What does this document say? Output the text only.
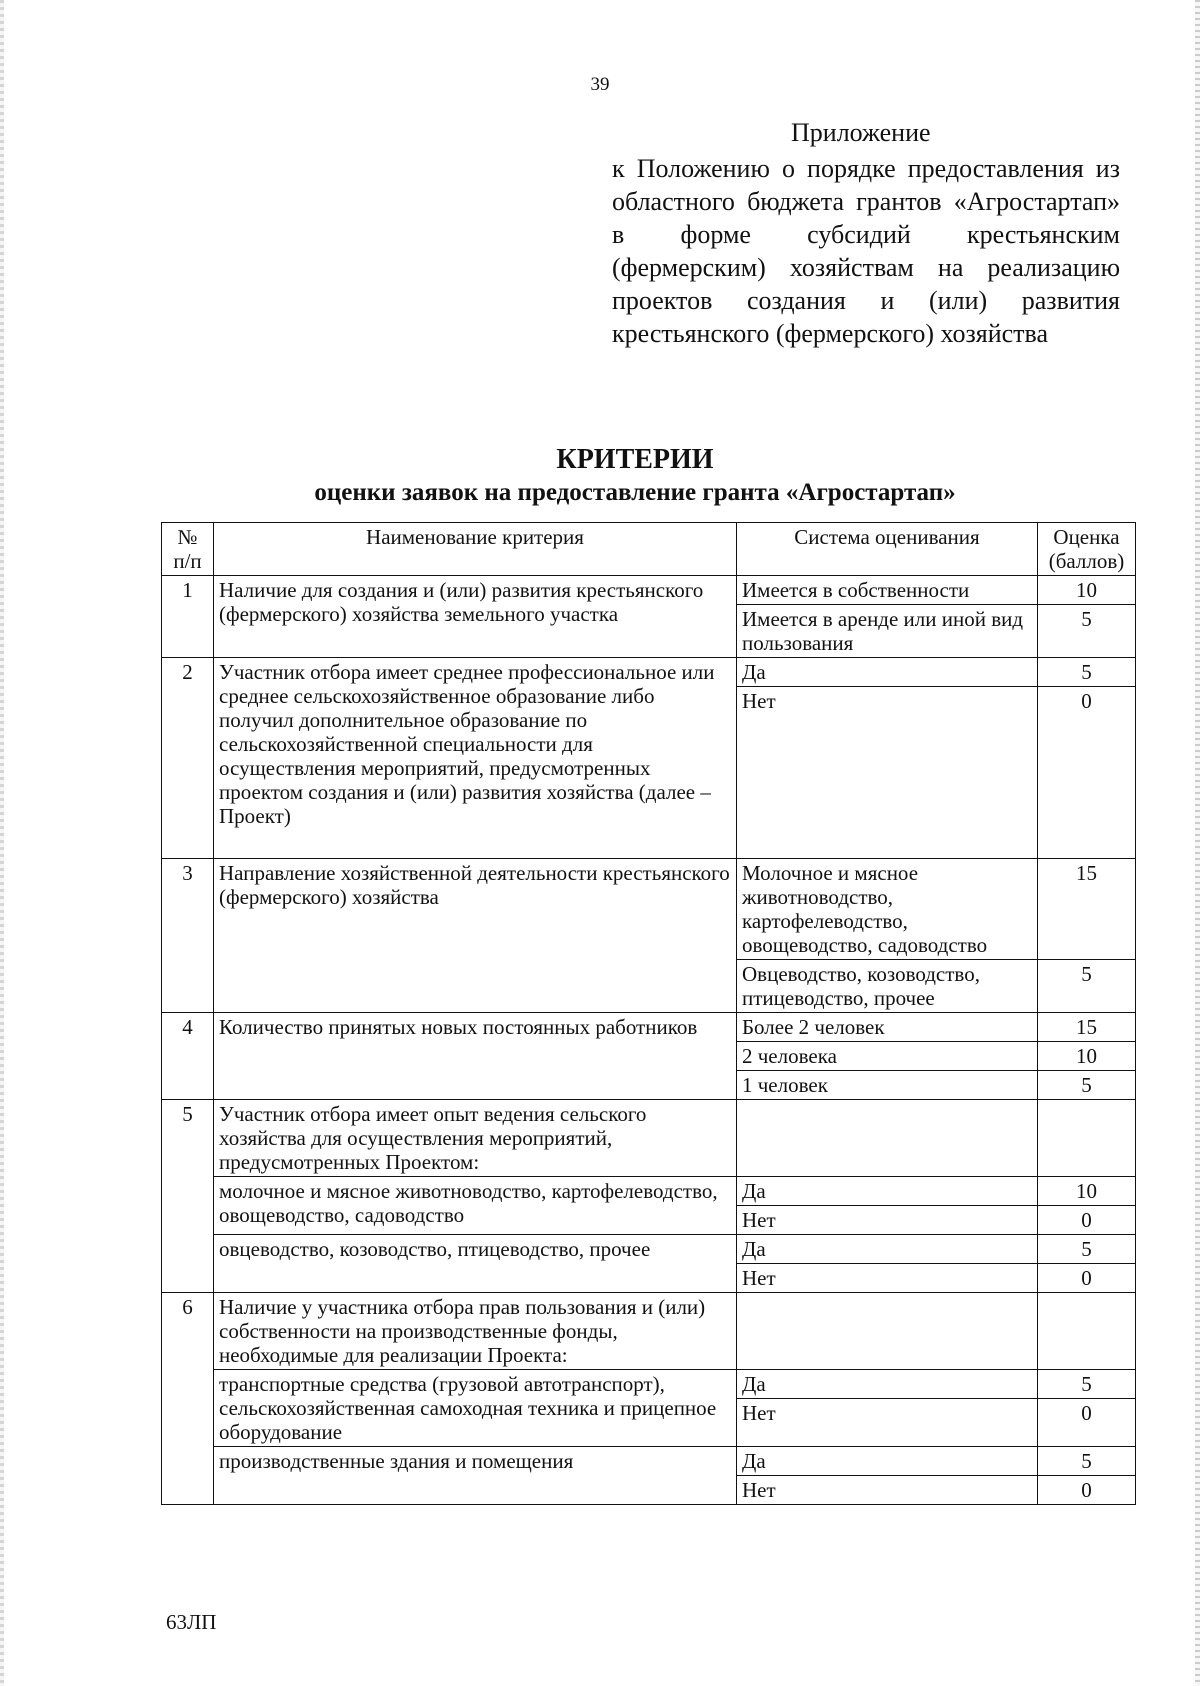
39
Приложение
к Положению о порядке предоставления из областного бюджета грантов «Агростартап» в форме субсидий крестьянским (фермерским) хозяйствам на реализацию проектов создания и (или) развития крестьянского (фермерского) хозяйства
КРИТЕРИИ
оценки заявок на предоставление гранта «Агростартап»
№ п/п	Наименование критерия	Система оценивания	Оценка (баллов)
1	Наличие для создания и (или) развития крестьянского (фермерского) хозяйства земельного участка	Имеется в собственности	10
		Имеется в аренде или иной вид пользования	5
2	Участник отбора имеет среднее профессиональное или среднее сельскохозяйственное образование либо получил дополнительное образование по сельскохозяйственной специальности для осуществления мероприятий, предусмотренных проектом создания и (или) развития хозяйства (далее – Проект)	Да	5
		Нет	0
3	Направление хозяйственной деятельности крестьянского (фермерского) хозяйства	Молочное и мясное животноводство, картофелеводство, овощеводство, садоводство	15
		Овцеводство, козоводство, птицеводство, прочее	5
4	Количество принятых новых постоянных работников	Более 2 человек	15
		2 человека	10
		1 человек	5
5	Участник отбора имеет опыт ведения сельского хозяйства для осуществления мероприятий, предусмотренных Проектом:		
	молочное и мясное животноводство, картофелеводство, овощеводство, садоводство	Да	10
		Нет	0
	овцеводство, козоводство, птицеводство, прочее	Да	5
		Нет	0
6	Наличие у участника отбора прав пользования и (или) собственности на производственные фонды, необходимые для реализации Проекта:		
	транспортные средства (грузовой автотранспорт), сельскохозяйственная самоходная техника и прицепное оборудование	Да	5
		Нет	0
	производственные здания и помещения	Да	5
		Нет	0
63ЛП
